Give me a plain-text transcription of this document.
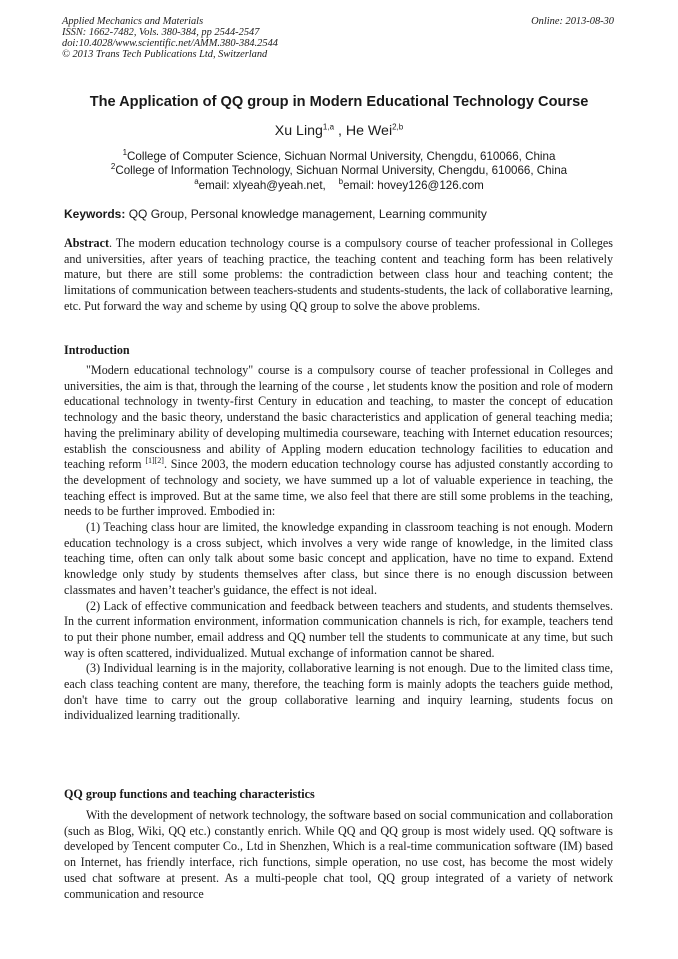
Applied Mechanics and Materials
ISSN: 1662-7482, Vols. 380-384, pp 2544-2547
doi:10.4028/www.scientific.net/AMM.380-384.2544
© 2013 Trans Tech Publications Ltd, Switzerland
Online: 2013-08-30
The Application of QQ group in Modern Educational Technology Course
Xu Ling$^{1,a}$ , He Wei$^{2,b}$
$^1$College of Computer Science, Sichuan Normal University, Chengdu, 610066, China
$^2$College of Information Technology, Sichuan Normal University, Chengdu, 610066, China
$^a$email: xlyeah@yeah.net, $^b$email: hovey126@126.com
Keywords: QQ Group, Personal knowledge management, Learning community

Abstract. The modern education technology course is a compulsory course of teacher professional in Colleges and universities, after years of teaching practice, the teaching content and teaching form has been relatively mature, but there are still some problems: the contradiction between class hour and teaching content; the limitations of communication between teachers-students and students-students, the lack of collaborative learning, etc. Put forward the way and scheme by using QQ group to solve the above problems.

Introduction

"Modern educational technology" course is a compulsory course of teacher professional in Colleges and universities, the aim is that, through the learning of the course , let students know the position and role of modern educational technology in twenty-first Century in education and teaching, to master the concept of education technology and the basic theory, understand the basic characteristics and application of general teaching media; having the preliminary ability of developing multimedia courseware, teaching with Internet education resources; establish the consciousness and ability of Appling modern education technology facilities to education and teaching reform [1][2]. Since 2003, the modern education technology course has adjusted constantly according to the development of technology and society, we have summed up a lot of valuable experience in teaching, the teaching effect is improved. But at the same time, we also feel that there are still some problems in the teaching, needs to be further improved. Embodied in:

(1) Teaching class hour are limited, the knowledge expanding in classroom teaching is not enough. Modern education technology is a cross subject, which involves a very wide range of knowledge, in the limited class teaching time, often can only talk about some basic concept and application, have no time to expand. Extend knowledge only study by students themselves after class, but since there is no enough discussion between classmates and haven’t teacher's guidance, the effect is not ideal.

(2) Lack of effective communication and feedback between teachers and students, and students themselves. In the current information environment, information communication channels is rich, for example, teachers tend to put their phone number, email address and QQ number tell the students to communicate at any time, but such way is often scattered, individualized. Mutual exchange of information cannot be shared.

(3) Individual learning is in the majority, collaborative learning is not enough. Due to the limited class time, each class teaching content are many, therefore, the teaching form is mainly adopts the teachers guide method, don't have time to carry out the group collaborative learning and inquiry learning, students focus on individualized learning traditionally.

QQ group functions and teaching characteristics

With the development of network technology, the software based on social communication and collaboration (such as Blog, Wiki, QQ etc.) constantly enrich. While QQ and QQ group is most widely used. QQ software is developed by Tencent computer Co., Ltd in Shenzhen, Which is a real-time communication software (IM) based on Internet, has friendly interface, rich functions, simple operation, no use cost, has become the most widely used chat software at present. As a multi-people chat tool, QQ group integrated of a variety of network communication and resource
